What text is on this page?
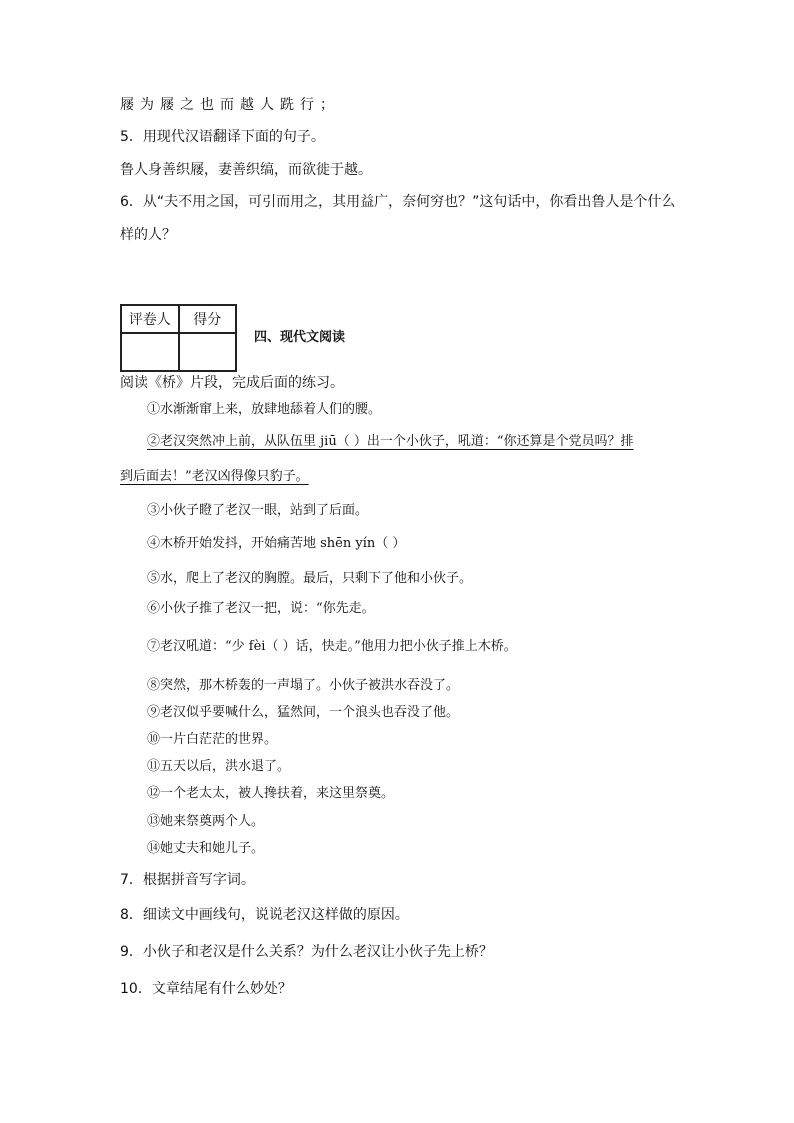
屦为屦之也而越人跣行；
5．用现代汉语翻译下面的句子。
鲁人身善织屦，妻善织缟，而欲徙于越。
6．从“夫不用之国，可引而用之，其用益广，奈何穷也？”这句话中，你看出鲁人是个什么
样的人？
评卷人	得分

四、现代文阅读
阅读《桥》片段，完成后面的练习。
①水渐渐窜上来，放肆地舔着人们的腰。
②老汉突然冲上前，从队伍里 jiū（ ）出一个小伙子，吼道：“你还算是个党员吗？排
到后面去！”老汉凶得像只豹子。
③小伙子瞪了老汉一眼，站到了后面。
④木桥开始发抖，开始痛苦地 shēn yín（ ）
⑤水，爬上了老汉的胸膛。最后，只剩下了他和小伙子。
⑥小伙子推了老汉一把，说：“你先走。
⑦老汉吼道：“少 fèi（ ）话，快走。”他用力把小伙子推上木桥。
⑧突然，那木桥轰的一声塌了。小伙子被洪水吞没了。
⑨老汉似乎要喊什么，猛然间，一个浪头也吞没了他。
⑩一片白茫茫的世界。
⑪五天以后，洪水退了。
⑫一个老太太，被人搀扶着，来这里祭奠。
⑬她来祭奠两个人。
⑭她丈夫和她儿子。
7．根据拼音写字词。
8．细读文中画线句，说说老汉这样做的原因。
9．小伙子和老汉是什么关系？为什么老汉让小伙子先上桥？
10．文章结尾有什么妙处？
